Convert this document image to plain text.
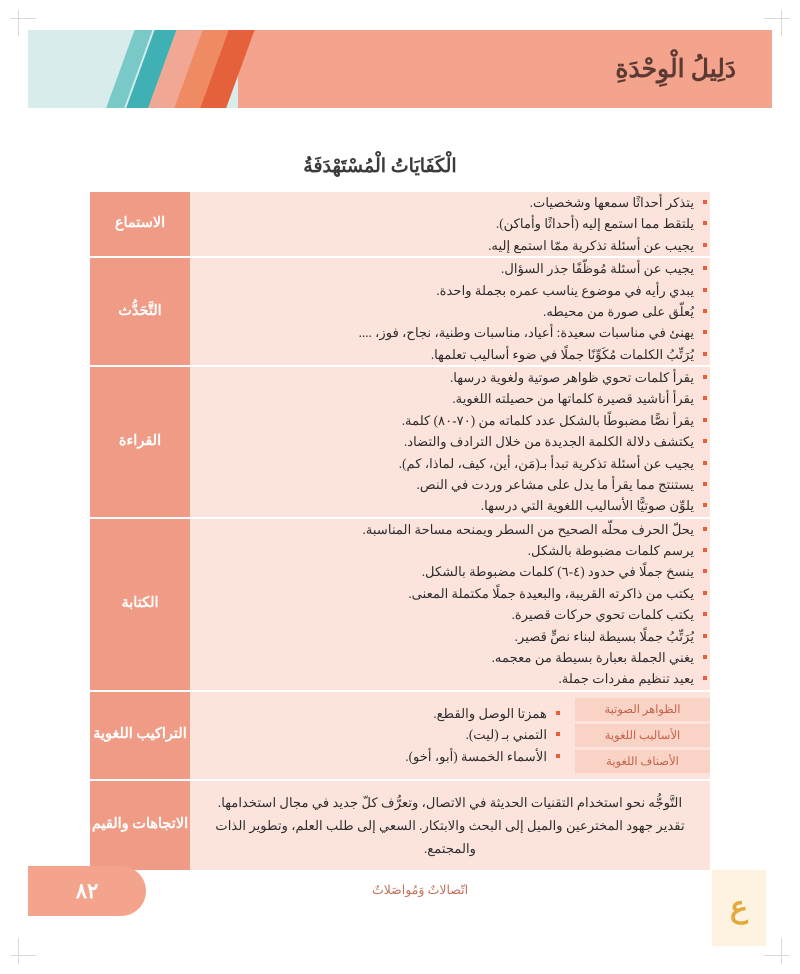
دَلِيلُ الْوِحْدَةِ
الْكَفَايَاتُ الْمُسْتَهْدَفَةُ
يتذكر أحداثًا سمعها وشخصيات.
يلتقط مما استمع إليه (أحداثًا وأماكن).
يجيب عن أسئلة تذكرية ممّا استمع إليه.
	الاستماع

يجيب عن أسئلة مُوظّفًا جذر السؤال.
يبدي رأيه في موضوع يناسب عمره بجملة واحدة.
يُعلّق على صورة من محيطه.
يهنئ في مناسبات سعيدة: أعياد، مناسبات وطنية، نجاح، فوز، ....
يُرَتِّبُ الكلمات مُكَوِّنًا جملًا في ضوء أساليب تعلمها.
	التَّحَدُّث

يقرأ كلمات تحوي ظواهر صوتية ولغوية درسها.
يقرأ أناشيد قصيرة كلماتها من حصيلته اللغوية.
يقرأ نصًّا مضبوطًا بالشكل عدد كلماته من (٧٠-٨٠) كلمة.
يكتشف دلالة الكلمة الجديدة من خلال الترادف والتضاد.
يجيب عن أسئلة تذكرية تبدأ بـ(مَن، أين، كيف، لماذا، كم).
يستنتج مما يقرأ ما يدل على مشاعر وردت في النص.
يلوِّن صوتيًّا الأساليب اللغوية التي درسها.
	القراءة

يحلّ الحرف محلّه الصحيح من السطر ويمنحه مساحة المناسبة.
يرسم كلمات مضبوطة بالشكل.
ينسخ جملًا في حدود (٤-٦) كلمات مضبوطة بالشكل.
يكتب من ذاكرته القريبة، والبعيدة جملًا مكتملة المعنى.
يكتب كلمات تحوي حركات قصيرة.
يُرَتِّبُ جملًا بسيطة لبناء نصٍّ قصير.
يغني الجملة بعبارة بسيطة من معجمه.
يعيد تنظيم مفردات جملة.
	الكتابة

همزتا الوصل والقطع.
التمني بـ (ليت).
الأسماء الخمسة (أبو، أخو).
الظواهر الصوتية
الأساليب اللغوية
الأصناف اللغوية
	التراكيب اللغوية

التَّوجُّه نحو استخدام التقنيات الحديثة في الاتصال، وتعرُّف كلّ جديد في مجال استخدامها. تقدير جهود المخترعين والميل إلى البحث والابتكار. السعي إلى طلب العلم، وتطوير الذات والمجتمع.	الاتجاهات والقيم
اتّصالاتٌ وَمُواصَلاتٌ
٨٢
ع
